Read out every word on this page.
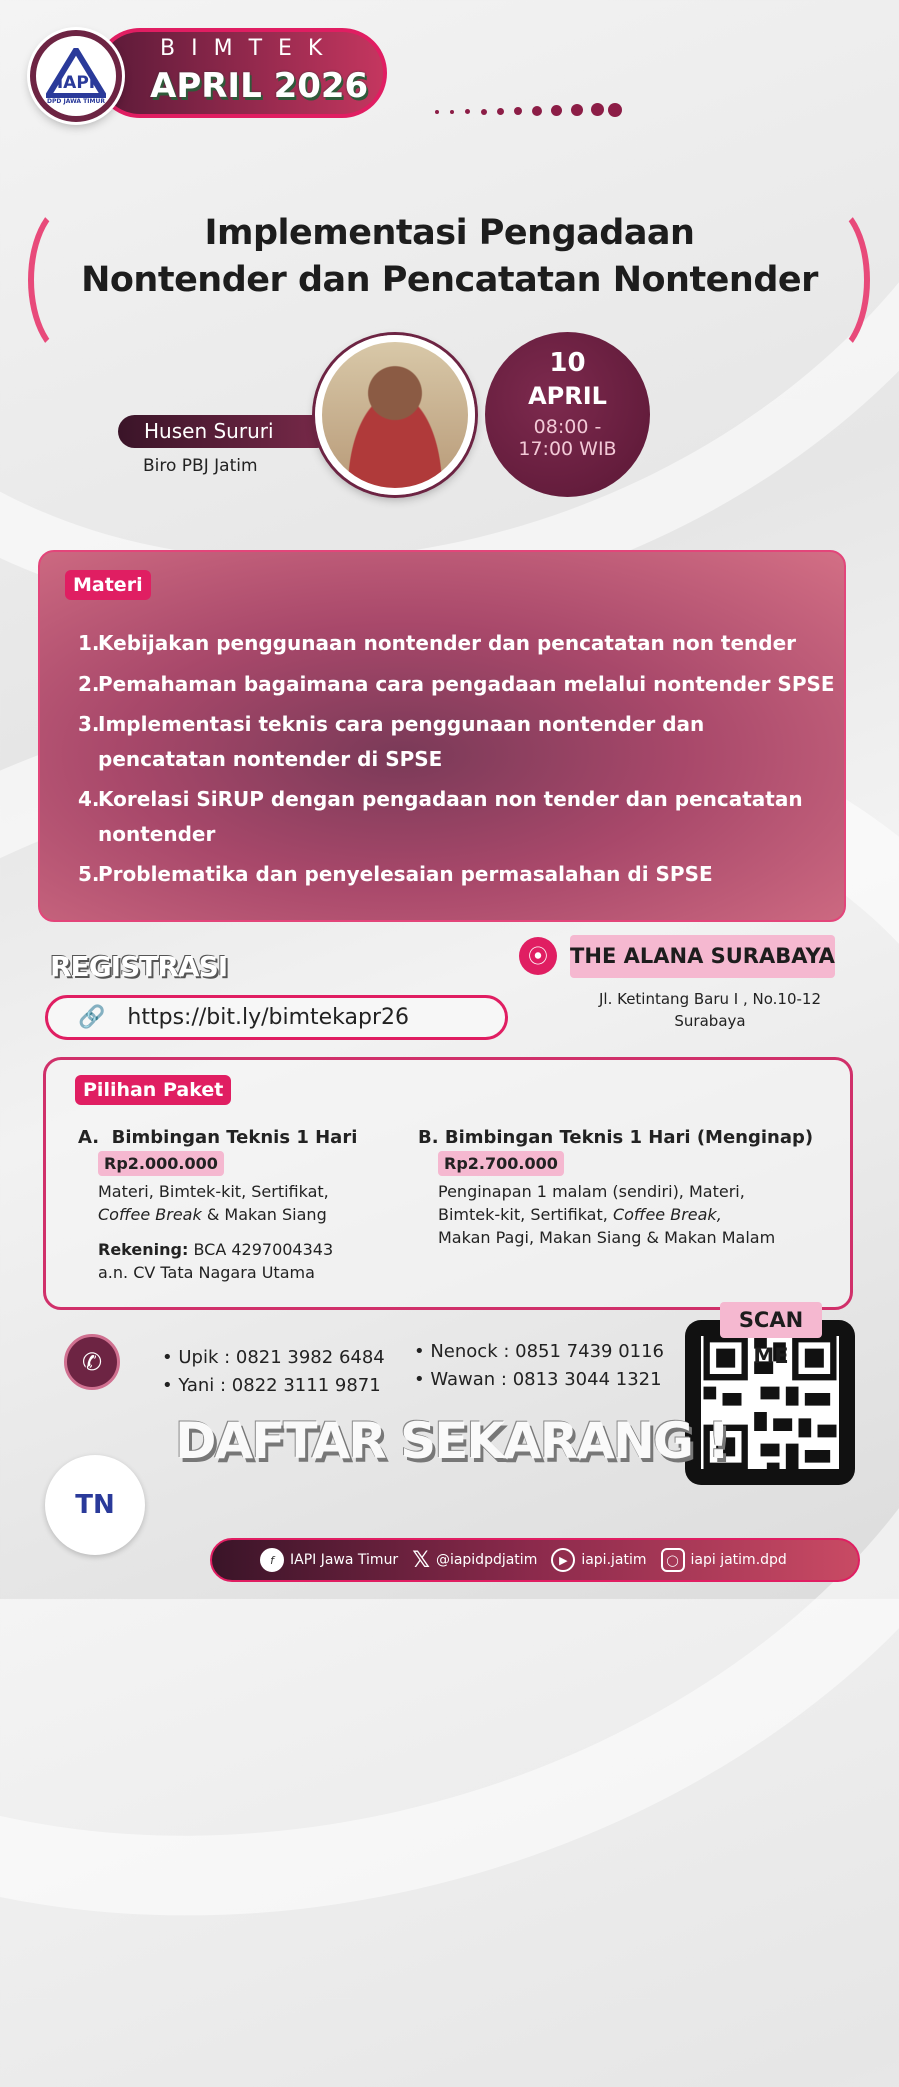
IAPI
DPD JAWA TIMUR
BIMTEK
APRIL 2026
Implementasi Pengadaan
Nontender dan Pencatatan Nontender
Husen Sururi
Biro PBJ Jatim
10
APRIL
08:00 -
17:00 WIB
Materi
1.
Kebijakan penggunaan nontender dan pencatatan non tender
2.
Pemahaman bagaimana cara pengadaan melalui nontender SPSE
3.
Implementasi teknis cara penggunaan nontender dan pencatatan nontender di SPSE
4.
Korelasi SiRUP dengan pengadaan non tender dan pencatatan nontender
5.
Problematika dan penyelesaian permasalahan di SPSE
REGISTRASI
🔗 https://bit.ly/bimtekapr26
⦿	THE ALANA SURABAYA
Jl. Ketintang Baru I , No.10-12
Surabaya
Pilihan Paket
A. Bimbingan Teknis 1 Hari
Rp2.000.000
Materi, Bimtek-kit, Sertifikat,
Coffee Break & Makan Siang
Rekening: BCA 4297004343
a.n. CV Tata Nagara Utama
B. Bimbingan Teknis 1 Hari (Menginap)
Rp2.700.000
Penginapan 1 malam (sendiri), Materi,
Bimtek-kit, Sertifikat, Coffee Break,
Makan Pagi, Makan Siang & Makan Malam
✆	• Upik : 0821 3982 6484
• Yani : 0822 3111 9871
• Nenock : 0851 7439 0116
• Wawan : 0813 3044 1321
SCAN ME
DAFTAR SEKARANG !
TN
f	IAPI Jawa Timur 𝕏 @iapidpdjatim	▶ iapi.jatim	◯ iapi jatim.dpd
